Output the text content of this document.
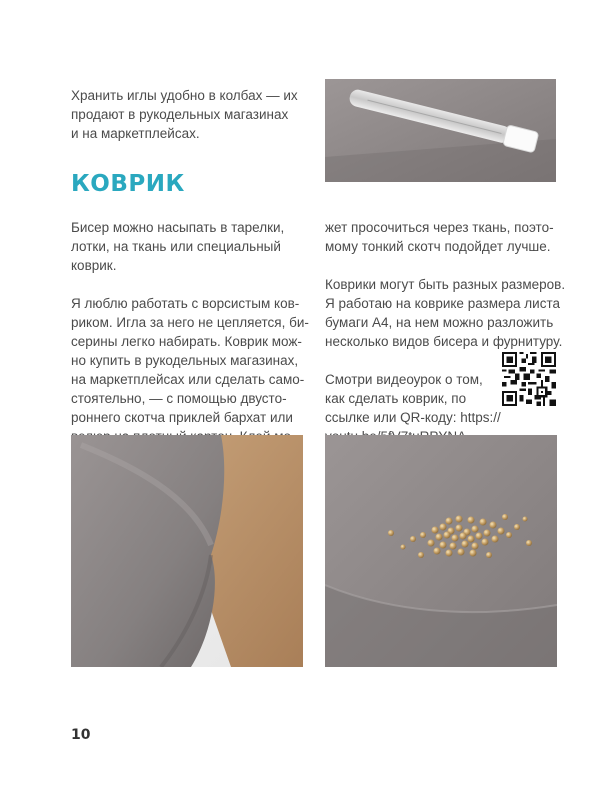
Хранить иглы удобно в колбах — их

продают в рукодельных магазинах

и на маркетплейсах.

КОВРИК

Бисер можно насыпать в тарелки,

лотки, на ткань или специальный

коврик.

Я люблю работать с ворсистым ков-

риком. Игла за него не цепляется, би-

серины легко набирать. Коврик мож-

но купить в рукодельных магазинах,

на маркетплейсах или сделать само-

стоятельно, — с помощью двусто-

роннего скотча приклей бархат или

жет просочиться через ткань, поэто-

мому тонкий скотч подойдет лучше.

Коврики могут быть разных размеров.

Я работаю на коврике размера листа

бумаги А4, на нем можно разложить

несколько видов бисера и фурнитуру.

Смотри видеоурок о том,

как сделать коврик, по

ссылке или QR-коду: https://

10
